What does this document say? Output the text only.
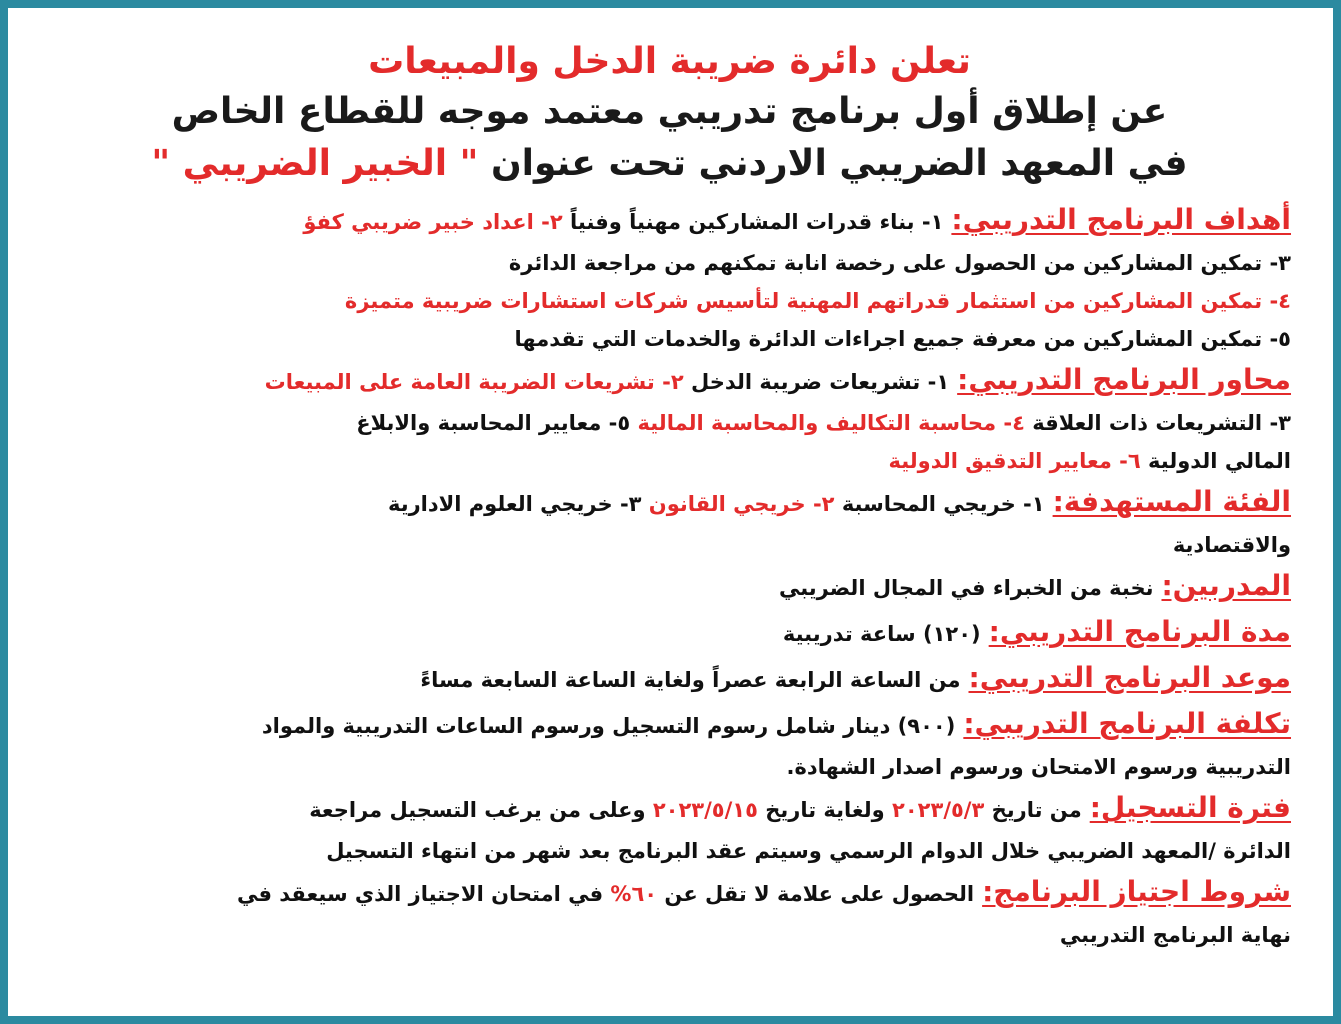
تعلن دائرة ضريبة الدخل والمبيعات

عن إطلاق أول برنامج تدريبي معتمد موجه للقطاع الخاص

في المعهد الضريبي الاردني تحت عنوان " الخبير الضريبي "

أهداف البرنامج التدريبي:١- بناء قدرات المشاركين مهنياً وفنياً ٢- اعداد خبير ضريبي كفؤ

٣- تمكين المشاركين من الحصول على رخصة انابة تمكنهم من مراجعة الدائرة

٤- تمكين المشاركين من استثمار قدراتهم المهنية لتأسيس شركات استشارات ضريبية متميزة

٥- تمكين المشاركين من معرفة جميع اجراءات الدائرة والخدمات التي تقدمها

محاور البرنامج التدريبي:١- تشريعات ضريبة الدخل ٢- تشريعات الضريبة العامة على المبيعات

٣- التشريعات ذات العلاقة ٤- محاسبة التكاليف والمحاسبة المالية ٥- معايير المحاسبة والابلاغ

المالي الدولية ٦- معايير التدقيق الدولية

الفئة المستهدفة:١- خريجي المحاسبة ٢- خريجي القانون ٣- خريجي العلوم الادارية

والاقتصادية

المدربين:نخبة من الخبراء في المجال الضريبي

مدة البرنامج التدريبي:(١٢٠) ساعة تدريبية

موعد البرنامج التدريبي:من الساعة الرابعة عصراً ولغاية الساعة السابعة مساءً

تكلفة البرنامج التدريبي:(٩٠٠) دينار شامل رسوم التسجيل ورسوم الساعات التدريبية والمواد

التدريبية ورسوم الامتحان ورسوم اصدار الشهادة.

فترة التسجيل:من تاريخ ٢٠٢٣/٥/٣ ولغاية تاريخ ٢٠٢٣/٥/١٥ وعلى من يرغب التسجيل مراجعة

الدائرة /المعهد الضريبي خلال الدوام الرسمي وسيتم عقد البرنامج بعد شهر من انتهاء التسجيل

شروط اجتياز البرنامج:الحصول على علامة لا تقل عن ٦٠% في امتحان الاجتياز الذي سيعقد في

نهاية البرنامج التدريبي
